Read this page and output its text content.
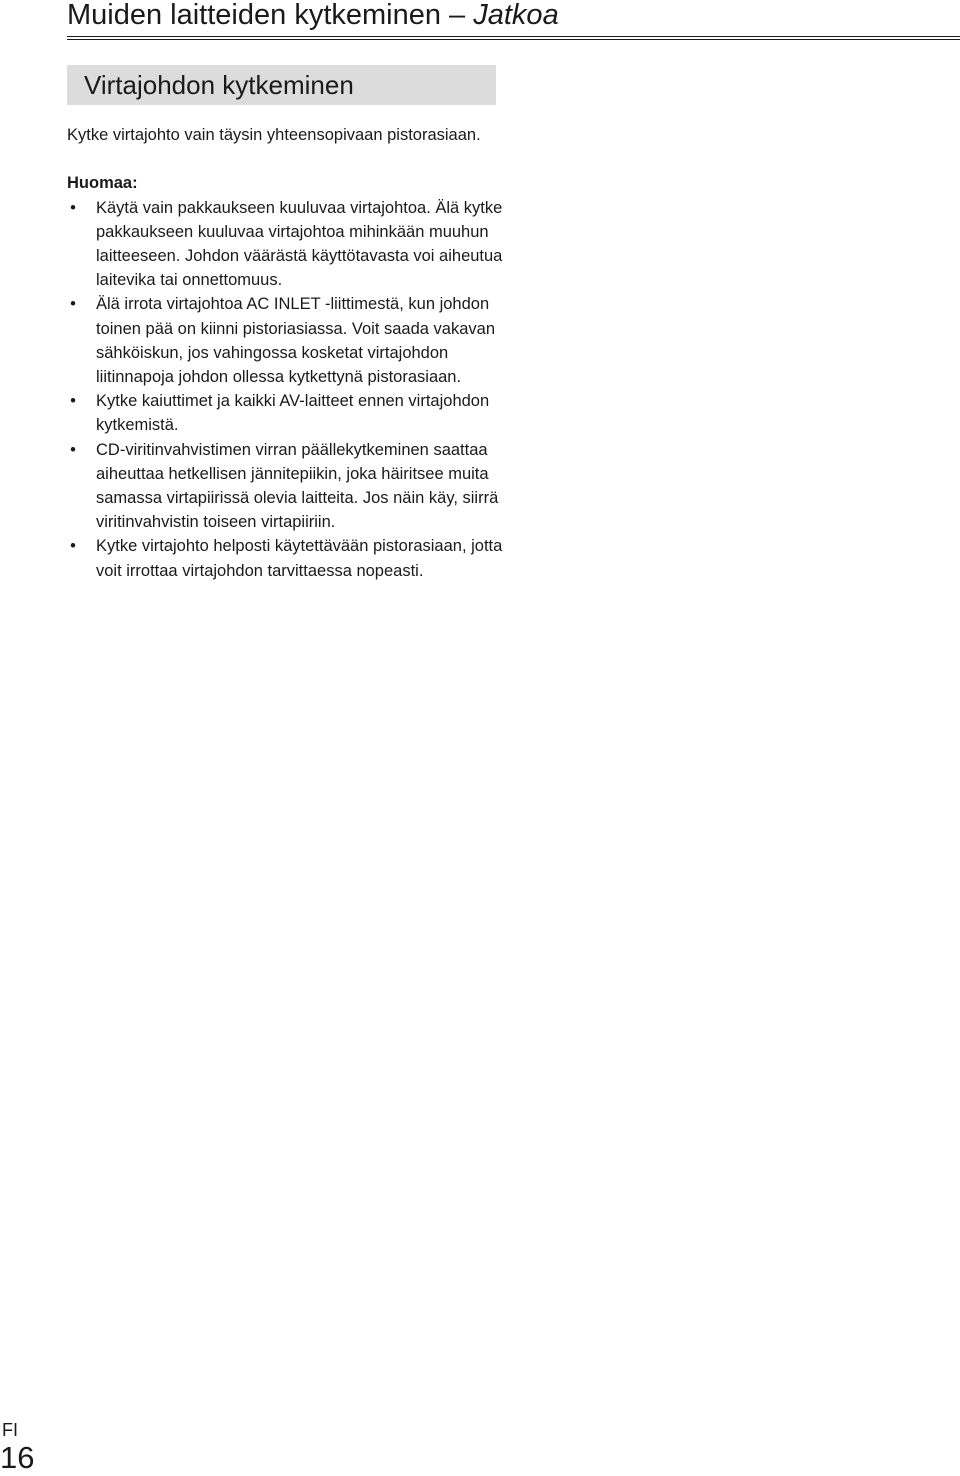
Muiden laitteiden kytkeminen – Jatkoa
Virtajohdon kytkeminen

Kytke virtajohto vain täysin yhteensopivaan pistorasiaan.

Huomaa:

• Käytä vain pakkaukseen kuuluvaa virtajohtoa. Älä kytke pakkaukseen kuuluvaa virtajohtoa mihinkään muuhun laitteeseen. Johdon väärästä käyttötavasta voi aiheutua laitevika tai onnettomuus.
• Älä irrota virtajohtoa AC INLET -liittimestä, kun johdon toinen pää on kiinni pistoriasiassa. Voit saada vakavan sähköiskun, jos vahingossa kosketat virtajohdon liitinnapoja johdon ollessa kytkettynä pistorasiaan.
• Kytke kaiuttimet ja kaikki AV-laitteet ennen virtajohdon kytkemistä.
• CD-viritinvahvistimen virran päällekytkeminen saattaa aiheuttaa hetkellisen jännitepiikin, joka häiritsee muita samassa virtapiirissä olevia laitteita. Jos näin käy, siirrä viritinvahvistin toiseen virtapiiriin.
• Kytke virtajohto helposti käytettävään pistorasiaan, jotta voit irrottaa virtajohdon tarvittaessa nopeasti.
FI
16
